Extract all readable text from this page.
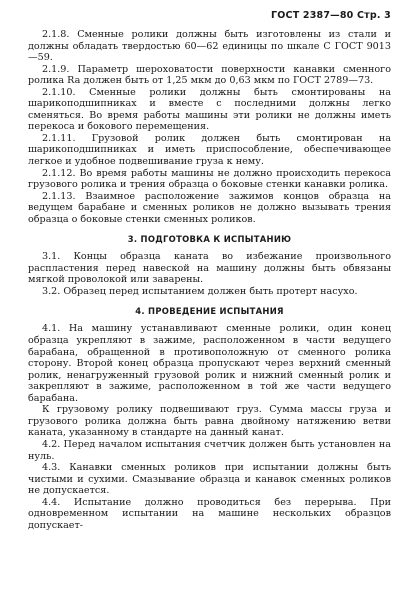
ГОСТ 2387—80 Стр. 3

2.1.8. Сменные ролики должны быть изготовлены из стали и должны обладать твердостью 60—62 единицы по шкале С ГОСТ 9013—59.

2.1.9. Параметр шероховатости поверхности канавки сменного ролика Ra должен быть от 1,25 мкм до 0,63 мкм по ГОСТ 2789—73.

2.1.10. Сменные ролики должны быть смонтированы на шарикоподшипниках и вместе с последними должны легко сменяться. Во время работы машины эти ролики не должны иметь перекоса и бокового перемещения.

2.1.11. Грузовой ролик должен быть смонтирован на шарикоподшипниках и иметь приспособление, обеспечивающее легкое и удобное подвешивание груза к нему.

2.1.12. Во время работы машины не должно происходить перекоса грузового ролика и трения образца о боковые стенки канавки ролика.

2.1.13. Взаимное расположение зажимов концов образца на ведущем барабане и сменных роликов не должно вызывать трения образца о боковые стенки сменных роликов.

3. ПОДГОТОВКА К ИСПЫТАНИЮ

3.1. Концы образца каната во избежание произвольного распластения перед навеской на машину должны быть обвязаны мягкой проволокой или заварены.

3.2. Образец перед испытанием должен быть протерт насухо.

4. ПРОВЕДЕНИЕ ИСПЫТАНИЯ

4.1. На машину устанавливают сменные ролики, один конец образца укрепляют в зажиме, расположенном в части ведущего барабана, обращенной в противоположную от сменного ролика сторону. Второй конец образца пропускают через верхний сменный ролик, ненагруженный грузовой ролик и нижний сменный ролик и закрепляют в зажиме, расположенном в той же части ведущего барабана.

К грузовому ролику подвешивают груз. Сумма массы груза и грузового ролика должна быть равна двойному натяжению ветви каната, указанному в стандарте на данный канат.

4.2. Перед началом испытания счетчик должен быть установлен на нуль.

4.3. Канавки сменных роликов при испытании должны быть чистыми и сухими. Смазывание образца и канавок сменных роликов не допускается.

4.4. Испытание должно проводиться без перерыва. При одновременном испытании на машине нескольких образцов допускает-
